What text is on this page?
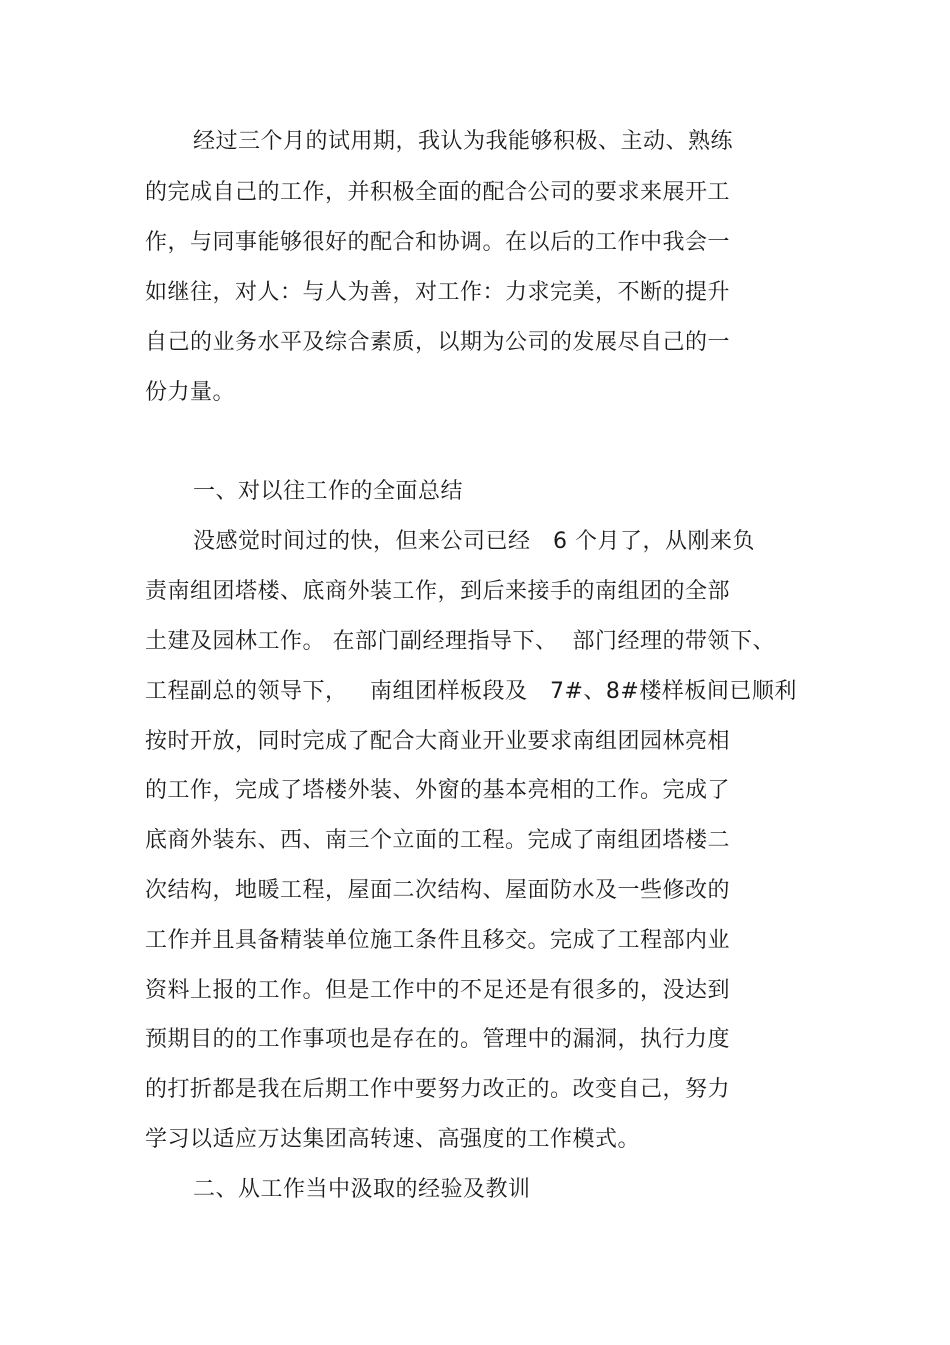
经过三个月的试用期，我认为我能够积极、主动、熟练
的完成自己的工作，并积极全面的配合公司的要求来展开工
作，与同事能够很好的配合和协调。在以后的工作中我会一
如继往，对人：与人为善，对工作：力求完美，不断的提升
自己的业务水平及综合素质，以期为公司的发展尽自己的一
份力量。
一、对以往工作的全面总结
没感觉时间过的快，但来公司已经   6 个月了，从刚来负
责南组团塔楼、底商外装工作，到后来接手的南组团的全部
土建及园林工作。 在部门副经理指导下、  部门经理的带领下、
工程副总的领导下，   南组团样板段及   7#、8#楼样板间已顺利
按时开放，同时完成了配合大商业开业要求南组团园林亮相
的工作，完成了塔楼外装、外窗的基本亮相的工作。完成了
底商外装东、西、南三个立面的工程。完成了南组团塔楼二
次结构，地暖工程，屋面二次结构、屋面防水及一些修改的
工作并且具备精装单位施工条件且移交。完成了工程部内业
资料上报的工作。但是工作中的不足还是有很多的，没达到
预期目的的工作事项也是存在的。管理中的漏洞，执行力度
的打折都是我在后期工作中要努力改正的。改变自己，努力
学习以适应万达集团高转速、高强度的工作模式。
二、从工作当中汲取的经验及教训
